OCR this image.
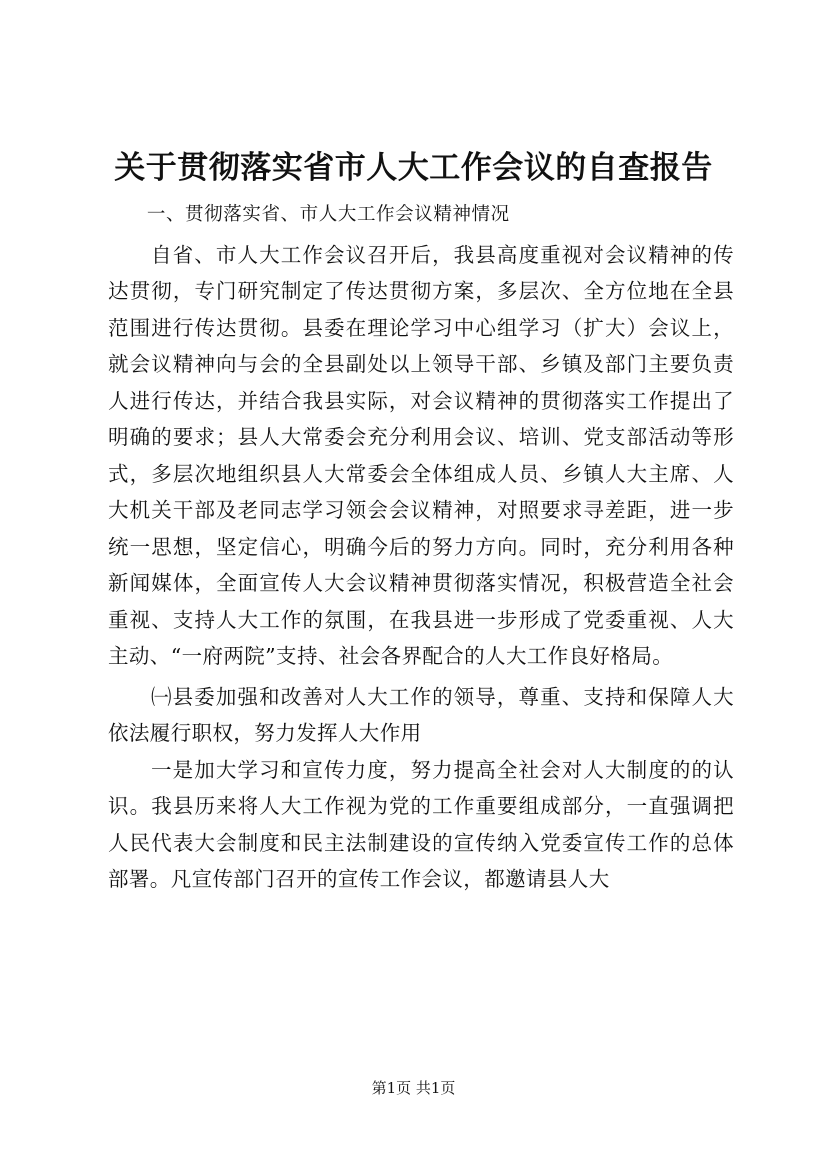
关于贯彻落实省市人大工作会议的自查报告

一、贯彻落实省、市人大工作会议精神情况

自省、市人大工作会议召开后，我县高度重视对会议精神的传达贯彻，专门研究制定了传达贯彻方案，多层次、全方位地在全县范围进行传达贯彻。县委在理论学习中心组学习（扩大）会议上，就会议精神向与会的全县副处以上领导干部、乡镇及部门主要负责人进行传达，并结合我县实际，对会议精神的贯彻落实工作提出了明确的要求；县人大常委会充分利用会议、培训、党支部活动等形式，多层次地组织县人大常委会全体组成人员、乡镇人大主席、人大机关干部及老同志学习领会会议精神，对照要求寻差距，进一步统一思想，坚定信心，明确今后的努力方向。同时，充分利用各种新闻媒体，全面宣传人大会议精神贯彻落实情况，积极营造全社会重视、支持人大工作的氛围，在我县进一步形成了党委重视、人大主动、“一府两院”支持、社会各界配合的人大工作良好格局。

㈠县委加强和改善对人大工作的领导，尊重、支持和保障人大依法履行职权，努力发挥人大作用

一是加大学习和宣传力度，努力提高全社会对人大制度的的认识。我县历来将人大工作视为党的工作重要组成部分，一直强调把人民代表大会制度和民主法制建设的宣传纳入党委宣传工作的总体部署。凡宣传部门召开的宣传工作会议，都邀请县人大

第1页 共1页
